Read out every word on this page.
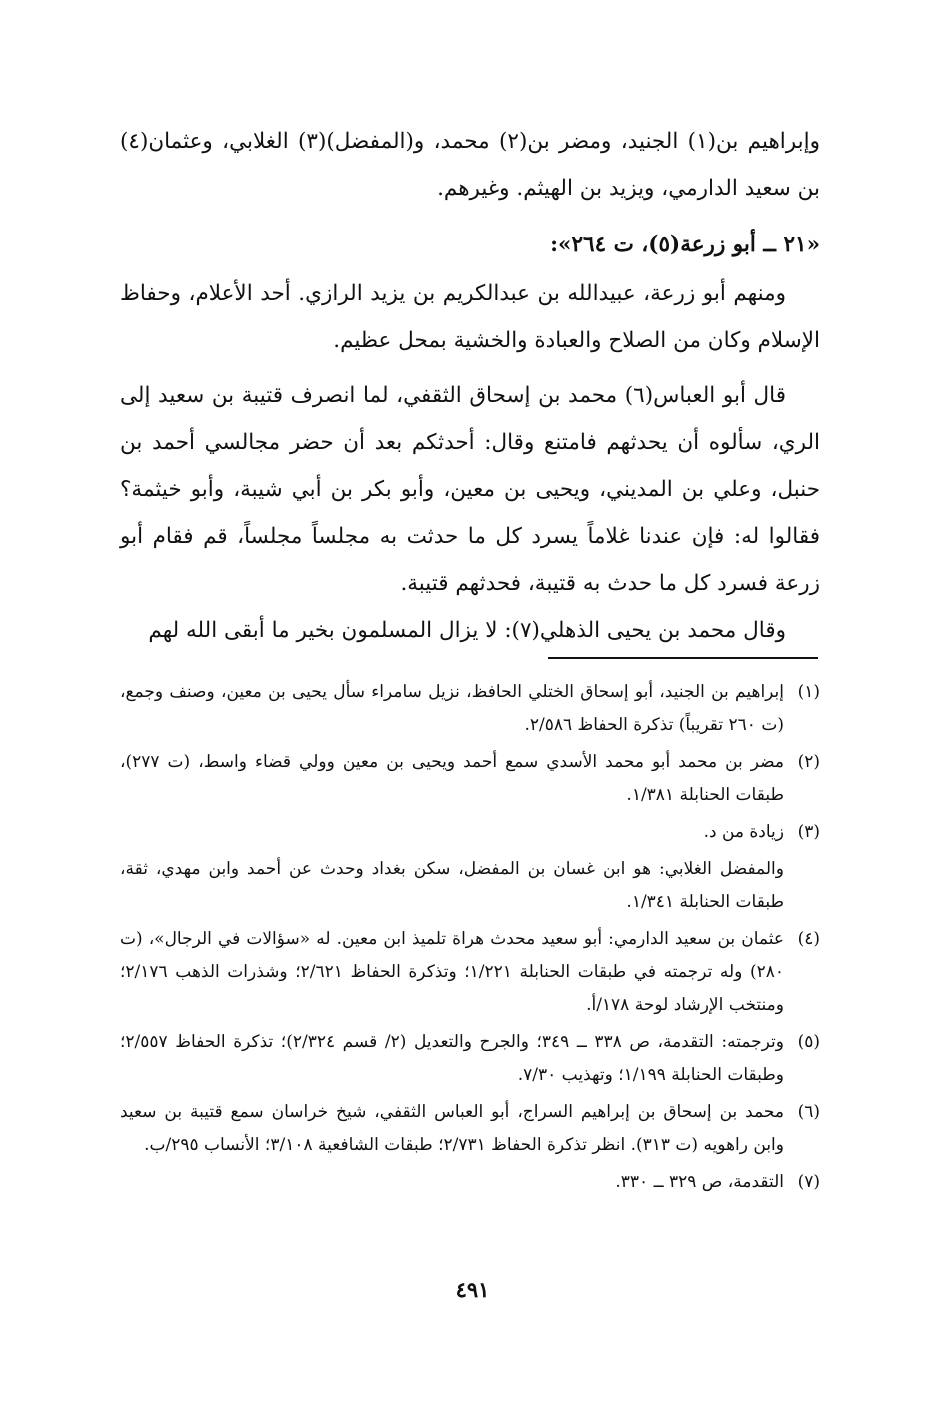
وإبراهيم بن(١) الجنيد، ومضر بن(٢) محمد، و(المفضل)(٣) الغلابي، وعثمان(٤) بن سعيد الدارمي، ويزيد بن الهيثم. وغيرهم.

«٢١ ــ أبو زرعة(٥)، ت ٢٦٤»:

ومنهم أبو زرعة، عبيدالله بن عبدالكريم بن يزيد الرازي. أحد الأعلام، وحفاظ الإسلام وكان من الصلاح والعبادة والخشية بمحل عظيم.

قال أبو العباس(٦) محمد بن إسحاق الثقفي، لما انصرف قتيبة بن سعيد إلى الري، سألوه أن يحدثهم فامتنع وقال: أحدثكم بعد أن حضر مجالسي أحمد بن حنبل، وعلي بن المديني، ويحيى بن معين، وأبو بكر بن أبي شيبة، وأبو خيثمة؟ فقالوا له: فإن عندنا غلاماً يسرد كل ما حدثت به مجلساً مجلساً، قم فقام أبو زرعة فسرد كل ما حدث به قتيبة، فحدثهم قتيبة.

وقال محمد بن يحيى الذهلي(٧): لا يزال المسلمون بخير ما أبقى الله لهم

(١)
إبراهيم بن الجنيد، أبو إسحاق الختلي الحافظ، نزيل سامراء سأل يحيى بن معين، وصنف وجمع، (ت ٢٦٠ تقريباً) تذكرة الحفاظ ٢/٥٨٦.
(٢)
مضر بن محمد أبو محمد الأسدي سمع أحمد ويحيى بن معين وولي قضاء واسط، (ت ٢٧٧)، طبقات الحنابلة ١/٣٨١.
(٣)
زيادة من د.

والمفضل الغلابي: هو ابن غسان بن المفضل، سكن بغداد وحدث عن أحمد وابن مهدي، ثقة، طبقات الحنابلة ١/٣٤١.

(٤)
عثمان بن سعيد الدارمي: أبو سعيد محدث هراة تلميذ ابن معين. له «سؤالات في الرجال»، (ت ٢٨٠) وله ترجمته في طبقات الحنابلة ١/٢٢١؛ وتذكرة الحفاظ ٢/٦٢١؛ وشذرات الذهب ٢/١٧٦؛ ومنتخب الإرشاد لوحة ١٧٨/أ.
(٥)
وترجمته: التقدمة، ص ٣٣٨ ــ ٣٤٩؛ والجرح والتعديل (٢/ قسم ٢/٣٢٤)؛ تذكرة الحفاظ ٢/٥٥٧؛ وطبقات الحنابلة ١/١٩٩؛ وتهذيب ٧/٣٠.
(٦)
محمد بن إسحاق بن إبراهيم السراج، أبو العباس الثقفي، شيخ خراسان سمع قتيبة بن سعيد وابن راهويه (ت ٣١٣). انظر تذكرة الحفاظ ٢/٧٣١؛ طبقات الشافعية ٣/١٠٨؛ الأنساب ٢٩٥/ب.
(٧)
التقدمة، ص ٣٢٩ ــ ٣٣٠.
٤٩١
